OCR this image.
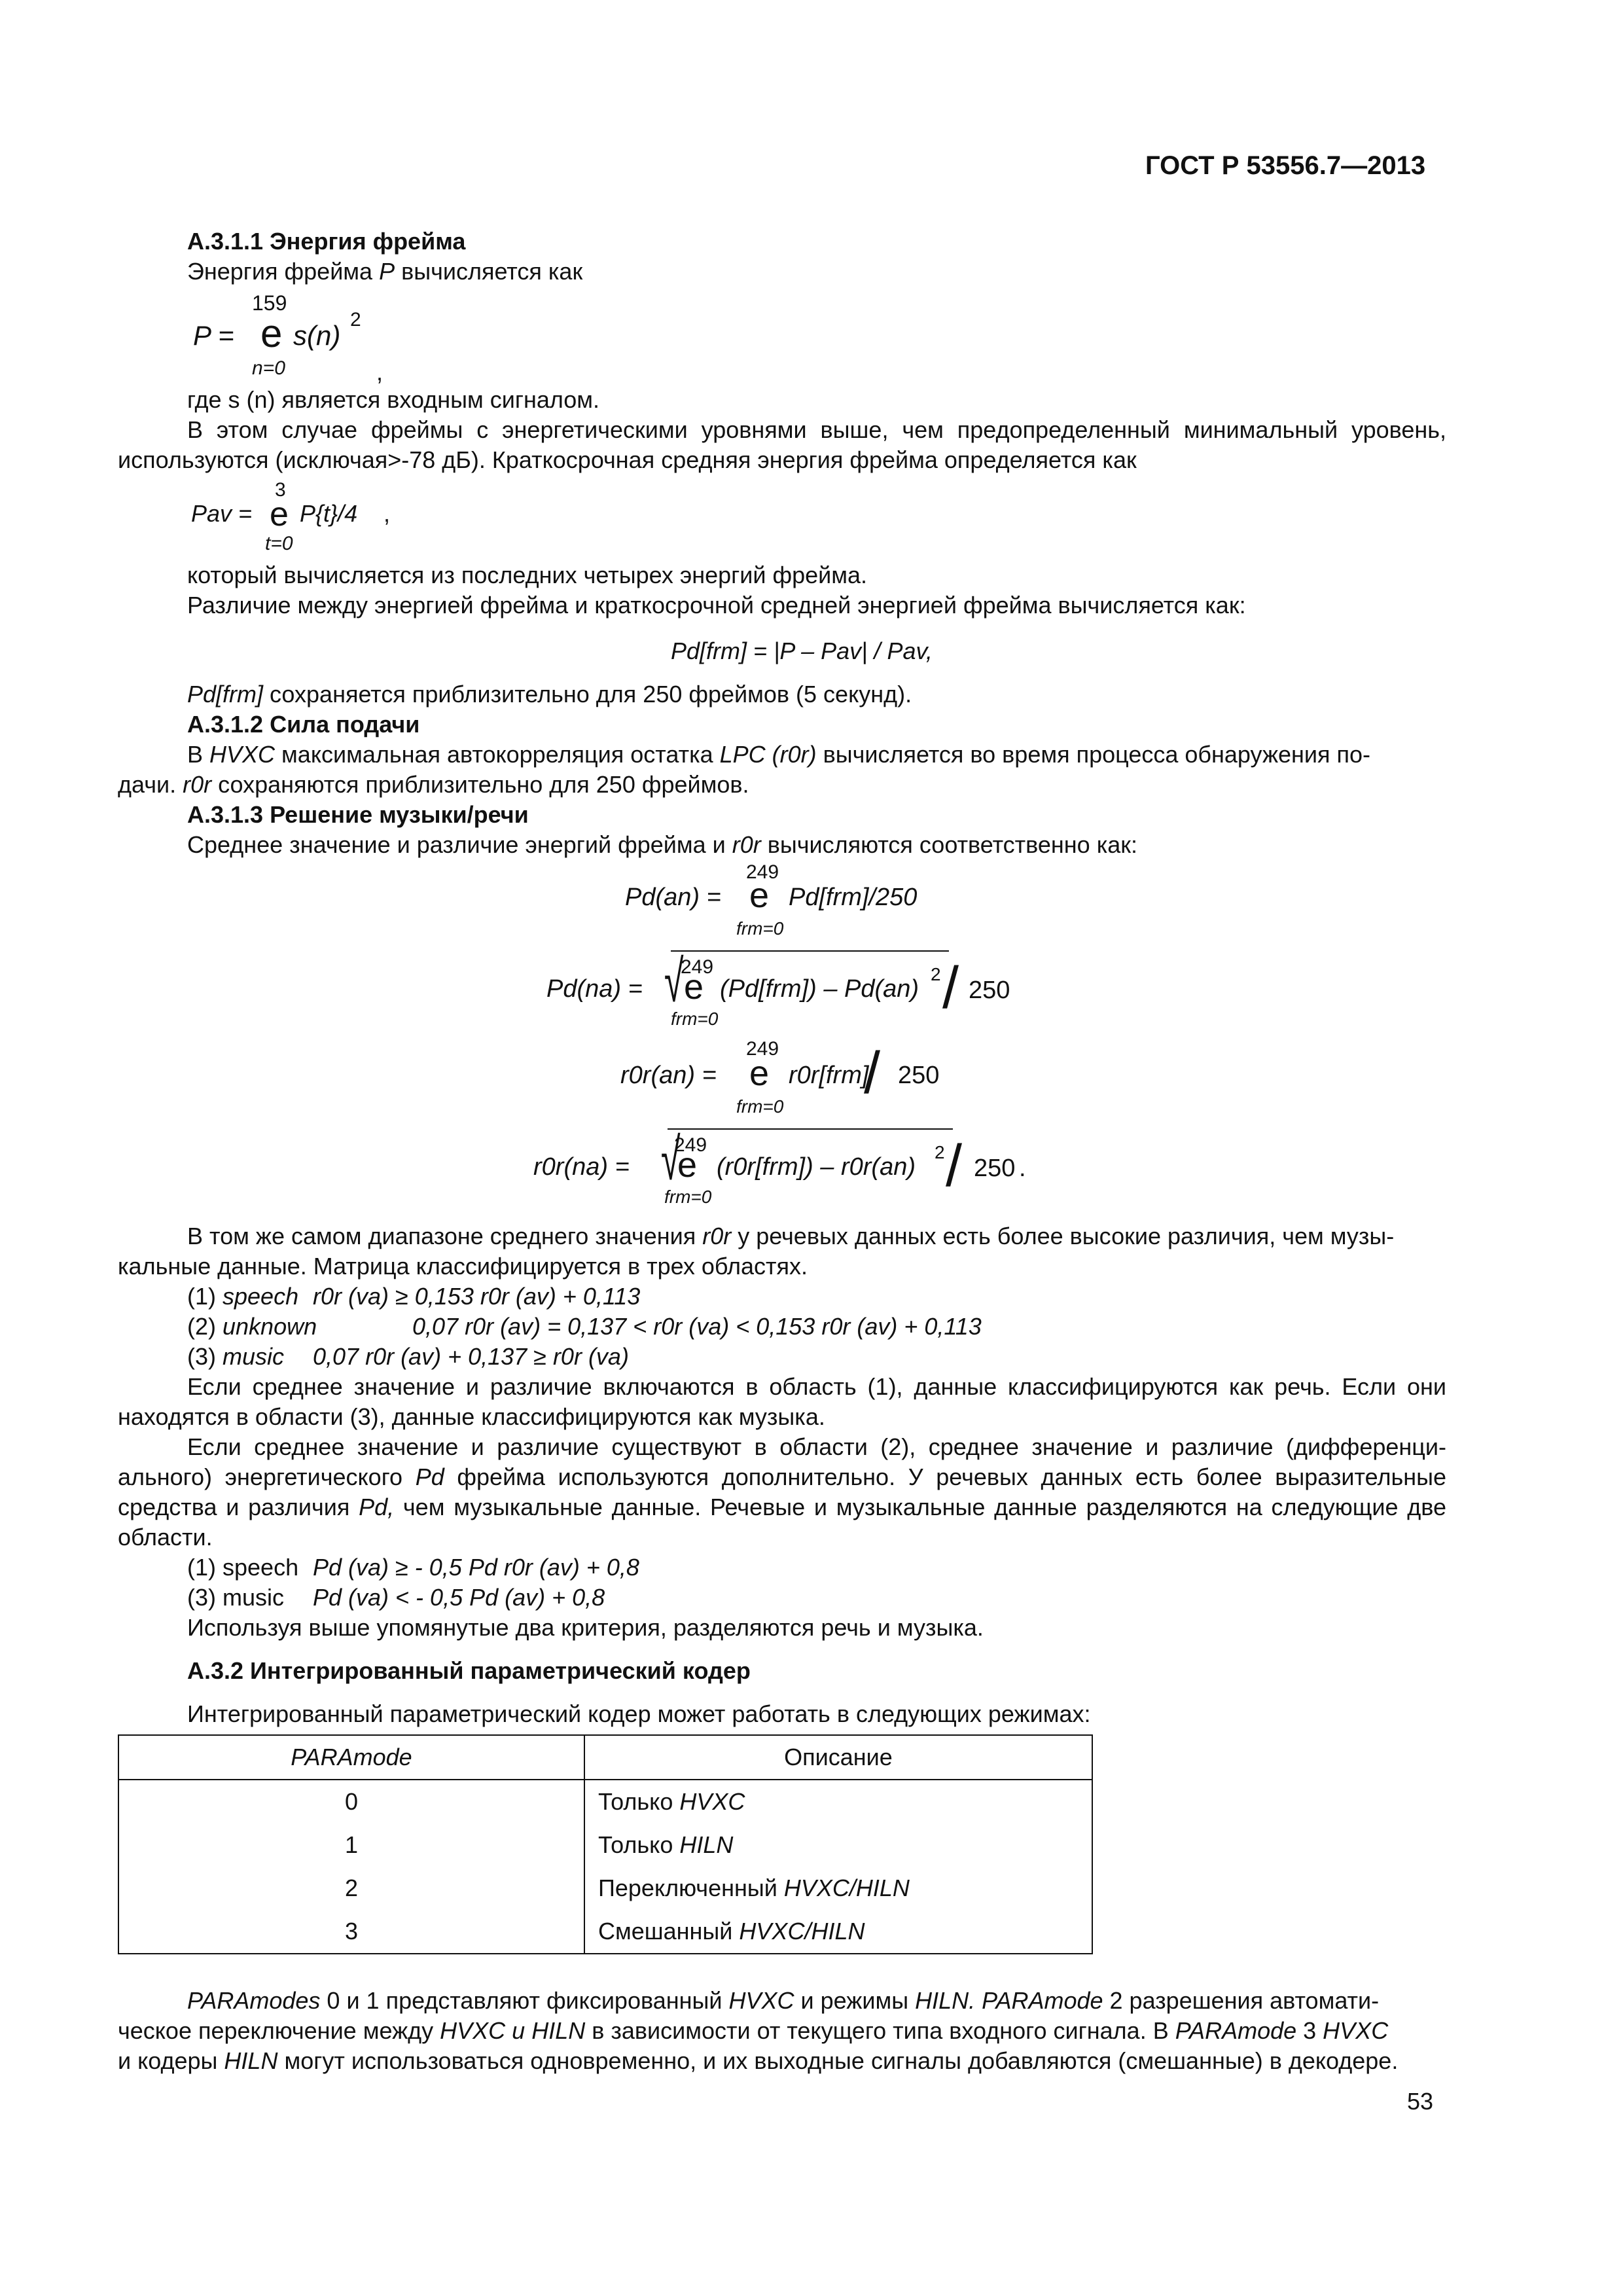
ГОСТ Р 53556.7—2013
А.3.1.1 Энергия фрейма
Энергия фрейма P вычисляется как
159
P = e s(n)
2
n=0	,
где s (n) является входным сигналом.
В этом случае фреймы с энергетическими уровнями выше, чем предопределенный минимальный уровень, используются (исключая>-78 дБ). Краткосрочная средняя энергия фрейма определяется как
3
Pav = e P{t}/4 ,
t=0
который вычисляется из последних четырех энергий фрейма.
Различие между энергией фрейма и краткосрочной средней энергией фрейма вычисляется как:
Pd[frm] = |P – Pav| / Pav,
Pd[frm] сохраняется приблизительно для 250 фреймов (5 секунд).
А.3.1.2 Сила подачи
В HVXC максимальная автокорреляция остатка LPC (r0r) вычисляется во время процесса обнаружения по-
дачи. r0r сохраняются приблизительно для 250 фреймов.
А.3.1.3 Решение музыки/речи
Среднее значение и различие энергий фрейма и r0r вычисляются соответственно как:
249
Pd(an) = e Pd[frm]/250
frm=0
√
249
Pd(na) = e (Pd[frm]) – Pd(an)
2 / 250
frm=0
249
r0r(an) = e r0r[frm]
/ 250
frm=0
√
249
r0r(na) = e (r0r[frm]) – r0r(an)
2 / 250 .
frm=0
В том же самом диапазоне среднего значения r0r у речевых данных есть более высокие различия, чем музы-
кальные данные. Матрица классифицируется в трех областях.
(1) speech r0r (va) ≥ 0,153 r0r (av) + 0,113
(2) unknown	0,07 r0r (av) = 0,137 < r0r (va) < 0,153 r0r (av) + 0,113
(3) music 0,07 r0r (av) + 0,137 ≥ r0r (va)
Если среднее значение и различие включаются в область (1), данные классифицируются как речь. Если они находятся в области (3), данные классифицируются как музыка.
Если среднее значение и различие существуют в области (2), среднее значение и различие (дифференци-ального) энергетического Pd фрейма используются дополнительно. У речевых данных есть более выразительные средства и различия Pd, чем музыкальные данные. Речевые и музыкальные данные разделяются на следующие две области.
(1) speech Pd (va) ≥ - 0,5 Pd r0r (av) + 0,8
(3) music Pd (va) < - 0,5 Pd (av) + 0,8
Используя выше упомянутые два критерия, разделяются речь и музыка.
А.3.2 Интегрированный параметрический кодер
Интегрированный параметрический кодер может работать в следующих режимах:
PARAmode	Описание
0	Только HVXC
1	Только HILN
2	Переключенный HVXC/HILN
3	Смешанный HVXC/HILN
PARAmodes 0 и 1 представляют фиксированный HVXC и режимы HILN. PARAmode 2 разрешения автомати-
ческое переключение между HVXC и HILN в зависимости от текущего типа входного сигнала. В PARAmode 3 HVXC
и кодеры HILN могут использоваться одновременно, и их выходные сигналы добавляются (смешанные) в декодере.
53
